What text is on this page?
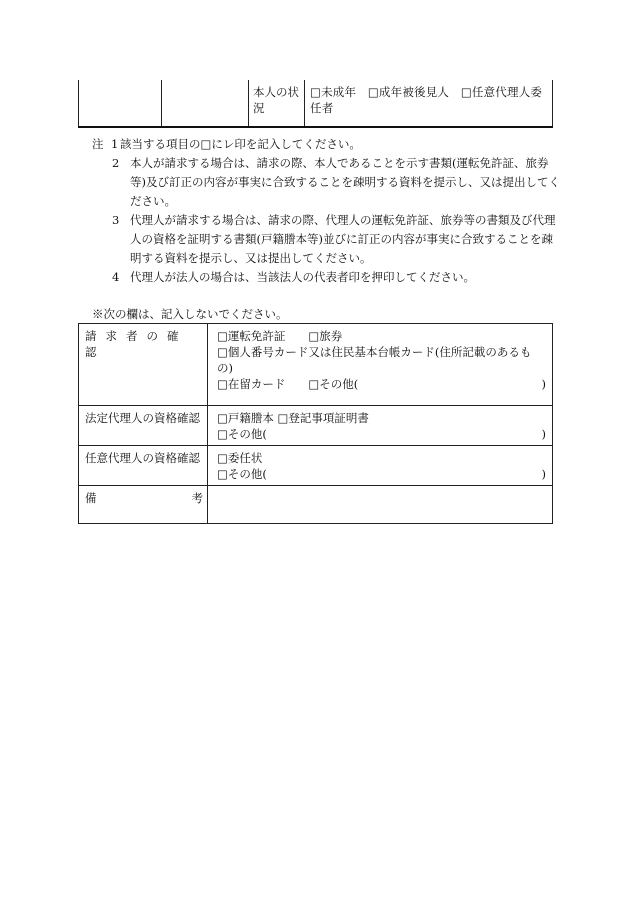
		本人の状況	□未成年　□成年被後見人　□任意代理人委任者
注 1 該当する項目の□にレ印を記入してください。
2 本人が請求する場合は、請求の際、本人であることを示す書類(運転免許証、旅券等)及び訂正の内容が事実に合致することを疎明する資料を提示し、又は提出してください。
3 代理人が請求する場合は、請求の際、代理人の運転免許証、旅券等の書類及び代理人の資格を証明する書類(戸籍謄本等)並びに訂正の内容が事実に合致することを疎明する資料を提示し、又は提出してください。
4 代理人が法人の場合は、当該法人の代表者印を押印してください。
※次の欄は、記入しないでください。
請求者の確認	□運転免許証　　□旅券
□個人番号カード又は住民基本台帳カード(住所記載のあるもの)
□在留カード　　□その他( )

法定代理人の資格確認	□戸籍謄本 □登記事項証明書
□その他( )

任意代理人の資格確認	□委任状
□その他( )

備 考	
